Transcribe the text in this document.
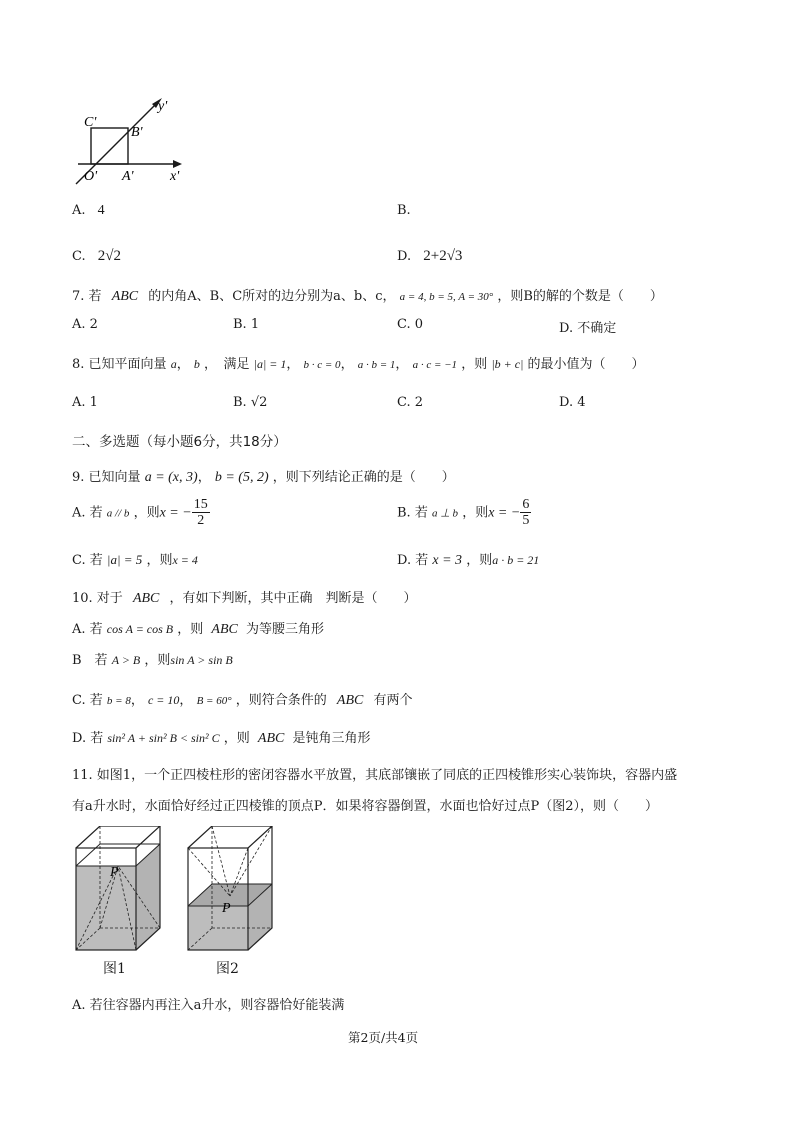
C'
B'
O' A'	x'
y'
A. 4	B.
C. 2√2	D. 2+2√3
7. 若 ABC 的内角A、B、C所对的边分别为a、b、c， a = 4, b = 5, A = 30° ，则B的解的个数是（　　）
A. 2	B. 1	C. 0	D. 不确定
8. 已知平面向量 a， b ，　满足 |a| = 1， b · c = 0， a · b = 1， a · c = −1 ，则 |b + c| 的最小值为（　　）
A. 1	B. √2	C. 2	D. 4
二、多选题（每小题6分，共18分）
9. 已知向量 a = (x, 3)， b = (5, 2) ，则下列结论正确的是（　　）
A. 若 a // b ，则x = − $\frac{15}{2}$	B. 若 a ⊥ b ，则x = − $\frac{6}{5}$
C. 若 |a| = 5 ，则x = 4	D. 若 x = 3 ，则a · b = 21
10. 对于 ABC ，有如下判断，其中正确　判断是（　　）
A. 若 cos A = cos B ，则 ABC 为等腰三角形
B　若 A > B ，则sin A > sin B
C. 若 b = 8， c = 10， B = 60° ，则符合条件的 ABC 有两个
D. 若 sin² A + sin² B < sin² C ，则 ABC 是钝角三角形
11. 如图1，一个正四棱柱形的密闭容器水平放置，其底部镶嵌了同底的正四棱锥形实心装饰块，容器内盛
有a升水时，水面恰好经过正四棱锥的顶点P．如果将容器倒置，水面也恰好过点P（图2），则（　　）
P
图1
P
图2
A. 若往容器内再注入a升水，则容器恰好能装满
第2页/共4页
